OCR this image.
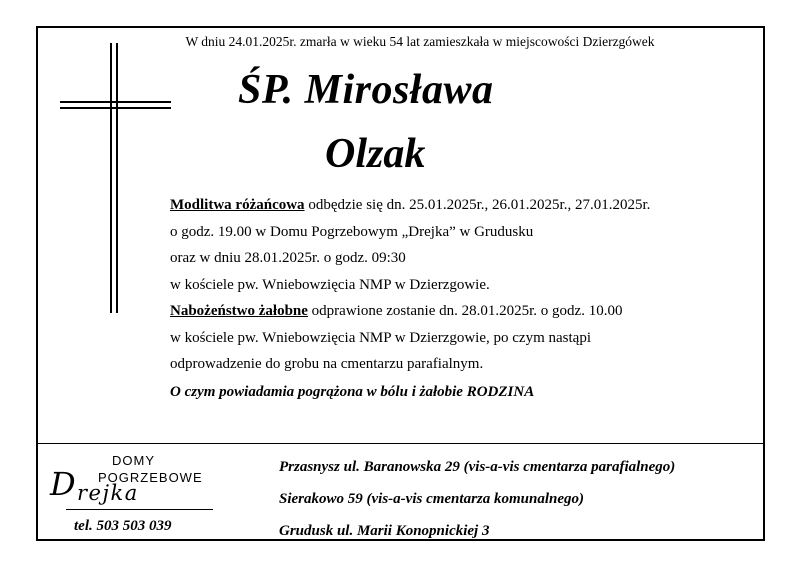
W dniu 24.01.2025r. zmarła w wieku 54 lat zamieszkała w miejscowości Dzierzgówek
ŚP. Mirosława
Olzak

Modlitwa różańcowa odbędzie się dn. 25.01.2025r., 26.01.2025r., 27.01.2025r.

o godz. 19.00 w Domu Pogrzebowym „Drejka” w Grudusku

oraz w dniu 28.01.2025r. o godz. 09:30

w kościele pw. Wniebowzięcia NMP w Dzierzgowie.

Nabożeństwo żałobne odprawione zostanie dn. 28.01.2025r. o godz. 10.00

w kościele pw. Wniebowzięcia NMP w Dzierzgowie, po czym nastąpi

odprowadzenie do grobu na cmentarzu parafialnym.

O czym powiadamia pogrążona w bólu i żałobie RODZINA
DOMY
POGRZEBOWE
D rejka
tel. 503 503 039

Przasnysz ul. Baranowska 29 (vis-a-vis cmentarza parafialnego)

Sierakowo 59 (vis-a-vis cmentarza komunalnego)

Grudusk ul. Marii Konopnickiej 3
